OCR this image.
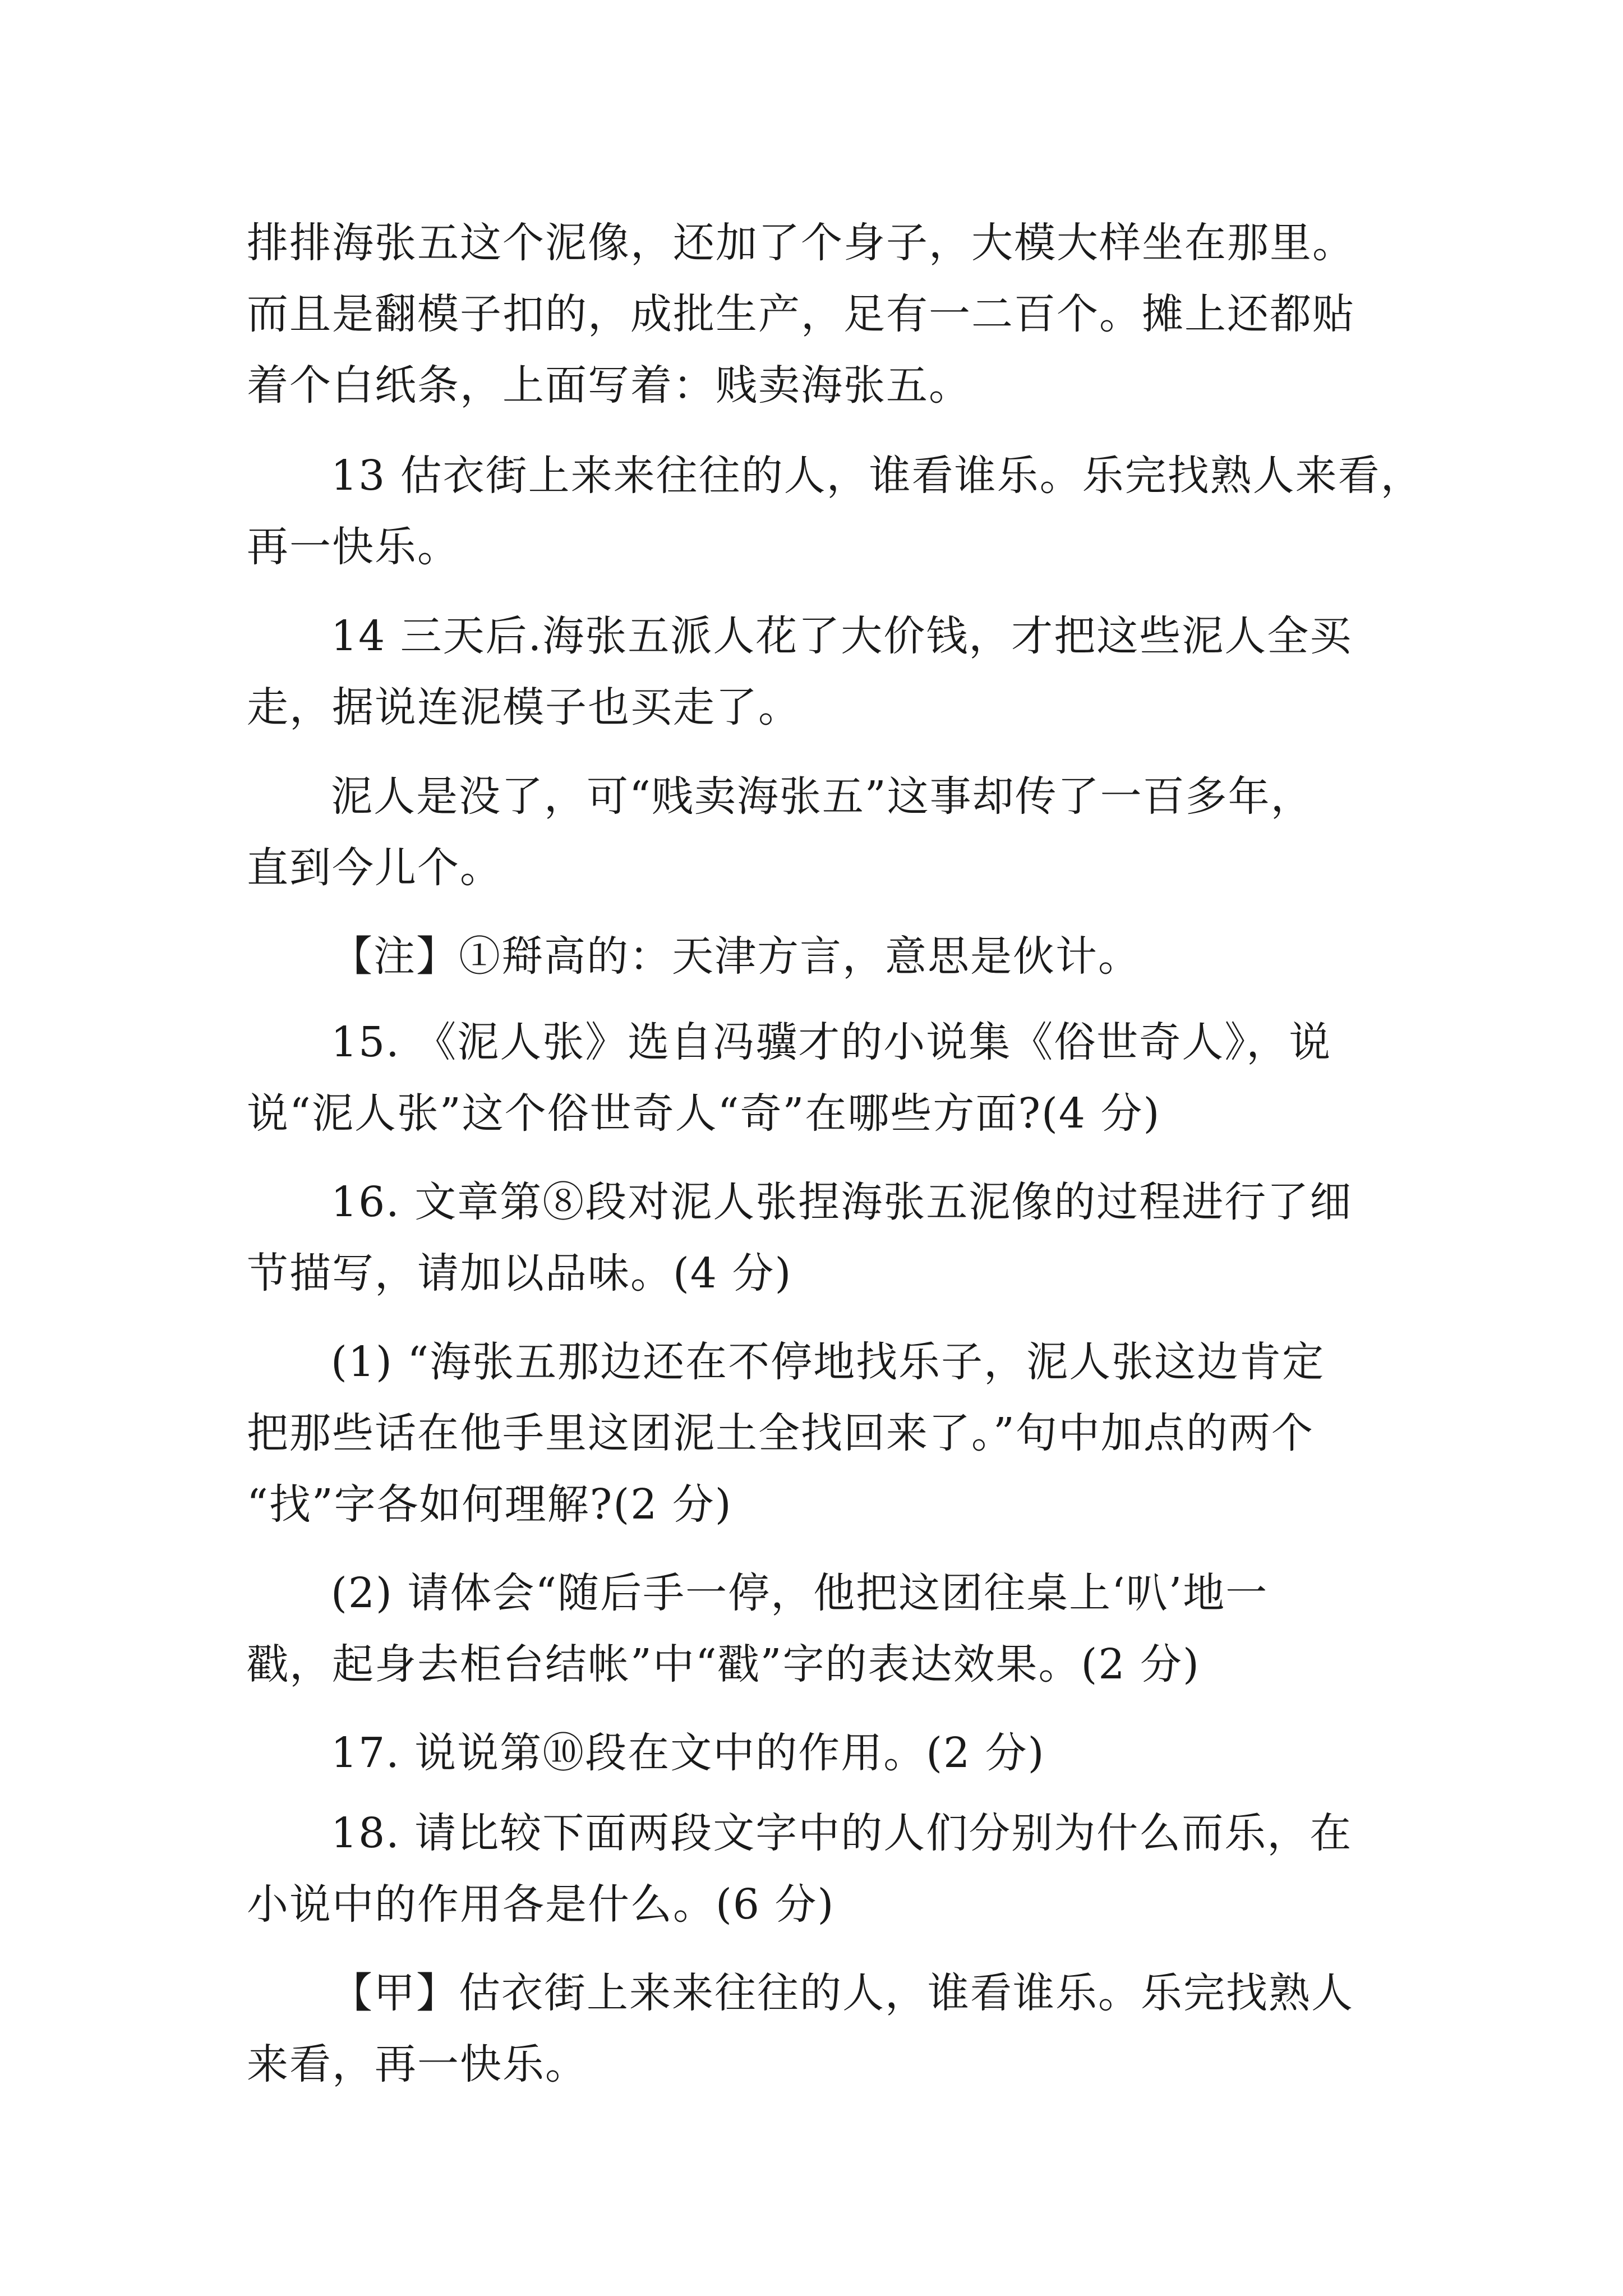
排排海张五这个泥像，还加了个身子，大模大样坐在那里。
而且是翻模子扣的，成批生产，足有一二百个。摊上还都贴
着个白纸条，上面写着：贱卖海张五。
13 估衣街上来来往往的人，谁看谁乐。乐完找熟人来看，
再一快乐。
14 三天后.海张五派人花了大价钱，才把这些泥人全买
走，据说连泥模子也买走了。
泥人是没了，可“贱卖海张五”这事却传了一百多年，
直到今儿个。
【注】①搿高的：天津方言，意思是伙计。
15. 《泥人张》选自冯骥才的小说集《俗世奇人》，说
说“泥人张”这个俗世奇人“奇”在哪些方面?(4 分)
16. 文章第⑧段对泥人张捏海张五泥像的过程进行了细
节描写，请加以品味。(4 分)
(1) “海张五那边还在不停地找乐子，泥人张这边肯定
把那些话在他手里这团泥土全找回来了。”句中加点的两个
“找”字各如何理解?(2 分)
(2) 请体会“随后手一停，他把这团往桌上‘叭’地一
戳，起身去柜台结帐”中“戳”字的表达效果。(2 分)
17. 说说第⑩段在文中的作用。(2 分)
18. 请比较下面两段文字中的人们分别为什么而乐，在
小说中的作用各是什么。(6 分)
【甲】估衣街上来来往往的人，谁看谁乐。乐完找熟人
来看，再一快乐。
